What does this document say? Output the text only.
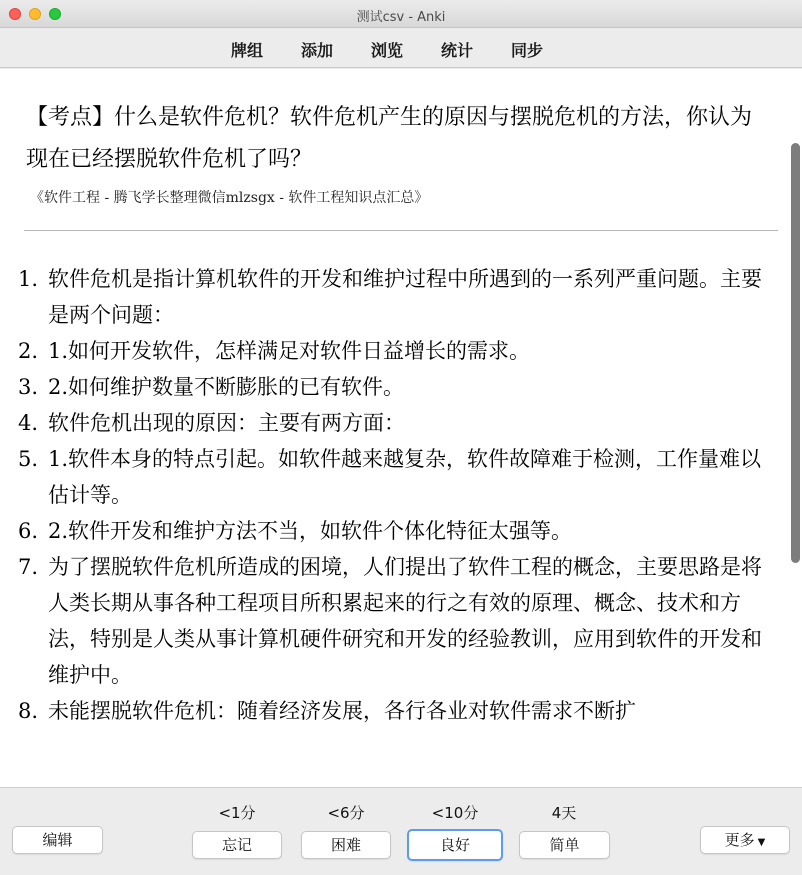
测试csv - Anki
牌组 添加 浏览 统计 同步
【考点】什么是软件危机？软件危机产生的原因与摆脱危机的方法，你认为现在已经摆脱软件危机了吗？
《软件工程 - 腾飞学长整理微信mlzsgx - 软件工程知识点汇总》
1. 软件危机是指计算机软件的开发和维护过程中所遇到的一系列严重问题。主要是两个问题：
2. 1.如何开发软件，怎样满足对软件日益增长的需求。
3. 2.如何维护数量不断膨胀的已有软件。
4. 软件危机出现的原因：主要有两方面：
5. 1.软件本身的特点引起。如软件越来越复杂，软件故障难于检测，工作量难以估计等。
6. 2.软件开发和维护方法不当，如软件个体化特征太强等。
7. 为了摆脱软件危机所造成的困境，人们提出了软件工程的概念，主要思路是将人类长期从事各种工程项目所积累起来的行之有效的原理、概念、技术和方法，特别是人类从事计算机硬件研究和开发的经验教训，应用到软件的开发和维护中。
8. 未能摆脱软件危机：随着经济发展，各行各业对软件需求不断扩
编辑
<1分	<6分	<10分	4天
忘记	困难	良好	简单	更多 ▼
